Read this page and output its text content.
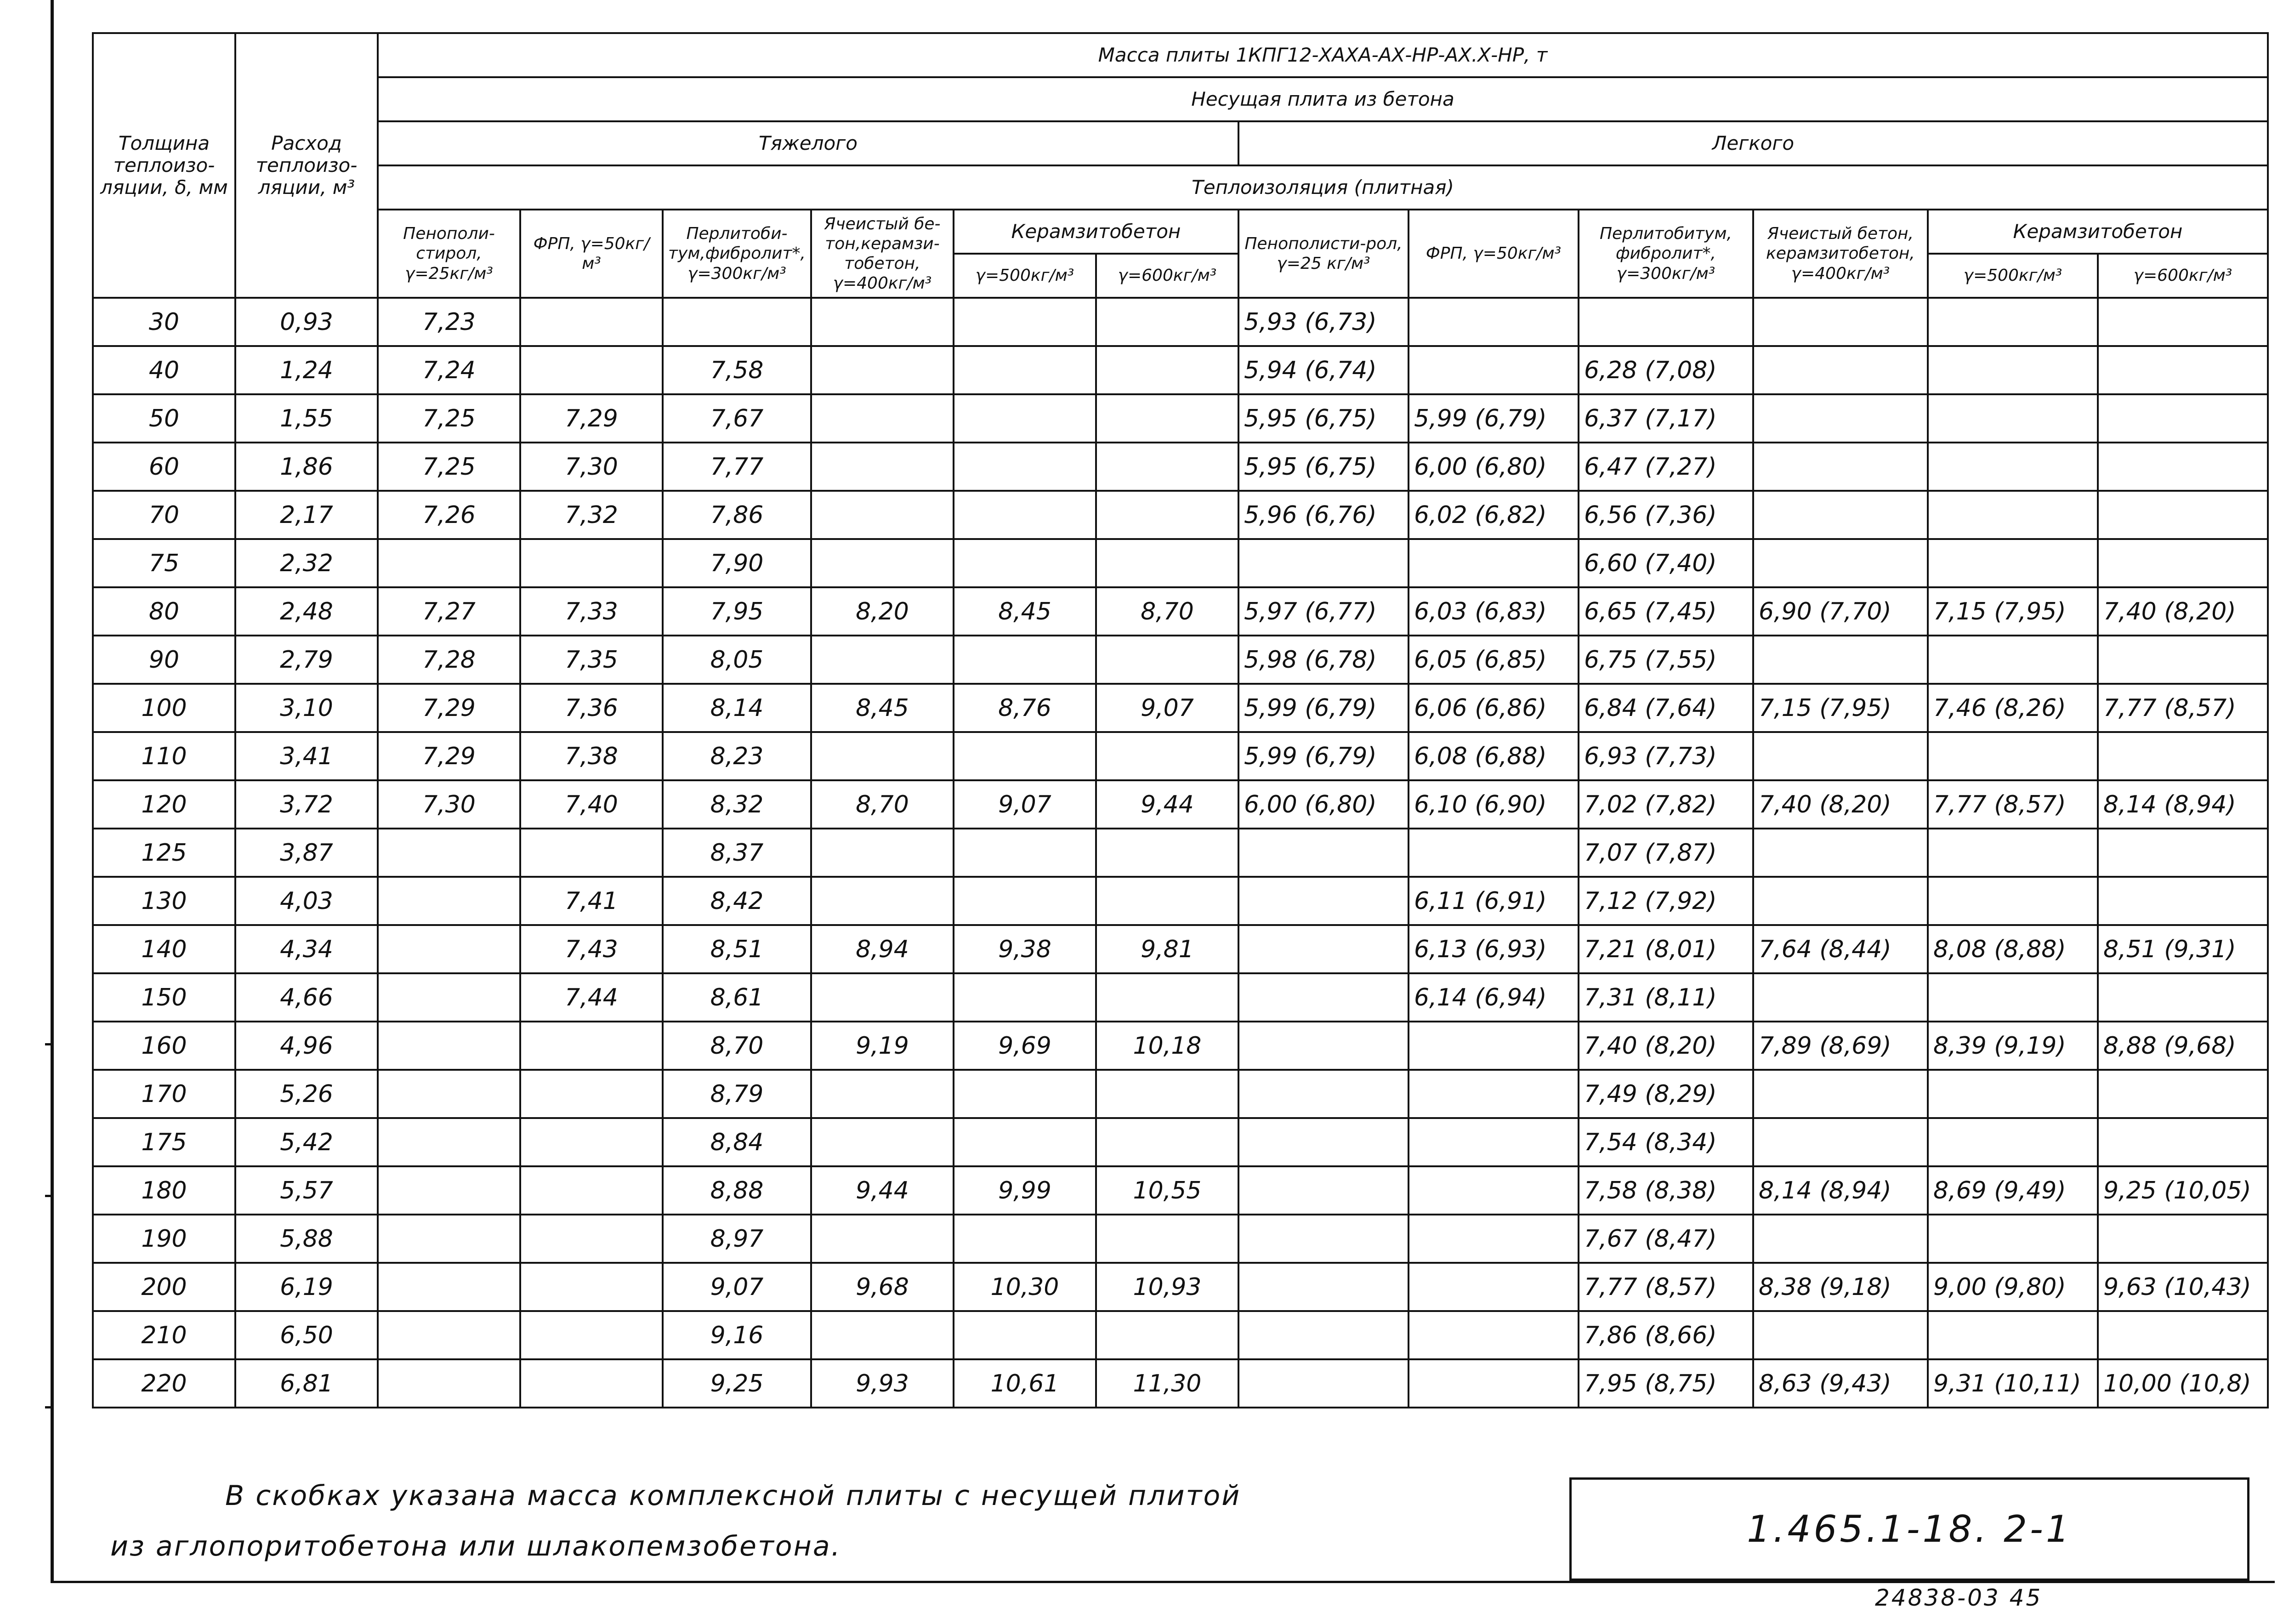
Толщина теплоизо-ляции, δ, мм	Расход теплоизо-ляции, м³	Масса плиты 1КПГ12-ХАХА-АХ-НР-АХ.Х-НР, т											
		Несущая плита из бетона											
		Тяжелого						Легкого					
		Теплоизоляция (плитная)											
		Пенополи-стирол, γ=25кг/м³	ФРП, γ=50кг/м³	Перлитоби-тум,фибролит*, γ=300кг/м³	Ячеистый бе-тон,керамзи-тобетон, γ=400кг/м³	Керамзитобетон		Пенополисти-рол, γ=25 кг/м³	ФРП, γ=50кг/м³	Перлитобитум, фибролит*, γ=300кг/м³	Ячеистый бетон, керамзитобетон, γ=400кг/м³	Керамзитобетон	
						γ=500кг/м³	γ=600кг/м³					γ=500кг/м³	γ=600кг/м³
30	0,93	7,23						5,93 (6,73)					
40	1,24	7,24		7,58				5,94 (6,74)		6,28 (7,08)			
50	1,55	7,25	7,29	7,67				5,95 (6,75)	5,99 (6,79)	6,37 (7,17)			
60	1,86	7,25	7,30	7,77				5,95 (6,75)	6,00 (6,80)	6,47 (7,27)			
70	2,17	7,26	7,32	7,86				5,96 (6,76)	6,02 (6,82)	6,56 (7,36)			
75	2,32			7,90						6,60 (7,40)			
80	2,48	7,27	7,33	7,95	8,20	8,45	8,70	5,97 (6,77)	6,03 (6,83)	6,65 (7,45)	6,90 (7,70)	7,15 (7,95)	7,40 (8,20)
90	2,79	7,28	7,35	8,05				5,98 (6,78)	6,05 (6,85)	6,75 (7,55)			
100	3,10	7,29	7,36	8,14	8,45	8,76	9,07	5,99 (6,79)	6,06 (6,86)	6,84 (7,64)	7,15 (7,95)	7,46 (8,26)	7,77 (8,57)
110	3,41	7,29	7,38	8,23				5,99 (6,79)	6,08 (6,88)	6,93 (7,73)			
120	3,72	7,30	7,40	8,32	8,70	9,07	9,44	6,00 (6,80)	6,10 (6,90)	7,02 (7,82)	7,40 (8,20)	7,77 (8,57)	8,14 (8,94)
125	3,87			8,37						7,07 (7,87)			
130	4,03		7,41	8,42					6,11 (6,91)	7,12 (7,92)			
140	4,34		7,43	8,51	8,94	9,38	9,81		6,13 (6,93)	7,21 (8,01)	7,64 (8,44)	8,08 (8,88)	8,51 (9,31)
150	4,66		7,44	8,61					6,14 (6,94)	7,31 (8,11)			
160	4,96			8,70	9,19	9,69	10,18			7,40 (8,20)	7,89 (8,69)	8,39 (9,19)	8,88 (9,68)
170	5,26			8,79						7,49 (8,29)			
175	5,42			8,84						7,54 (8,34)			
180	5,57			8,88	9,44	9,99	10,55			7,58 (8,38)	8,14 (8,94)	8,69 (9,49)	9,25 (10,05)
190	5,88			8,97						7,67 (8,47)			
200	6,19			9,07	9,68	10,30	10,93			7,77 (8,57)	8,38 (9,18)	9,00 (9,80)	9,63 (10,43)
210	6,50			9,16						7,86 (8,66)			
220	6,81			9,25	9,93	10,61	11,30			7,95 (8,75)	8,63 (9,43)	9,31 (10,11)	10,00 (10,8)
В скобках указана масса комплексной плиты с несущей плитой
из аглопоритобетона или шлакопемзобетона.	1.465.1-18. 2-1
24838-03 45
